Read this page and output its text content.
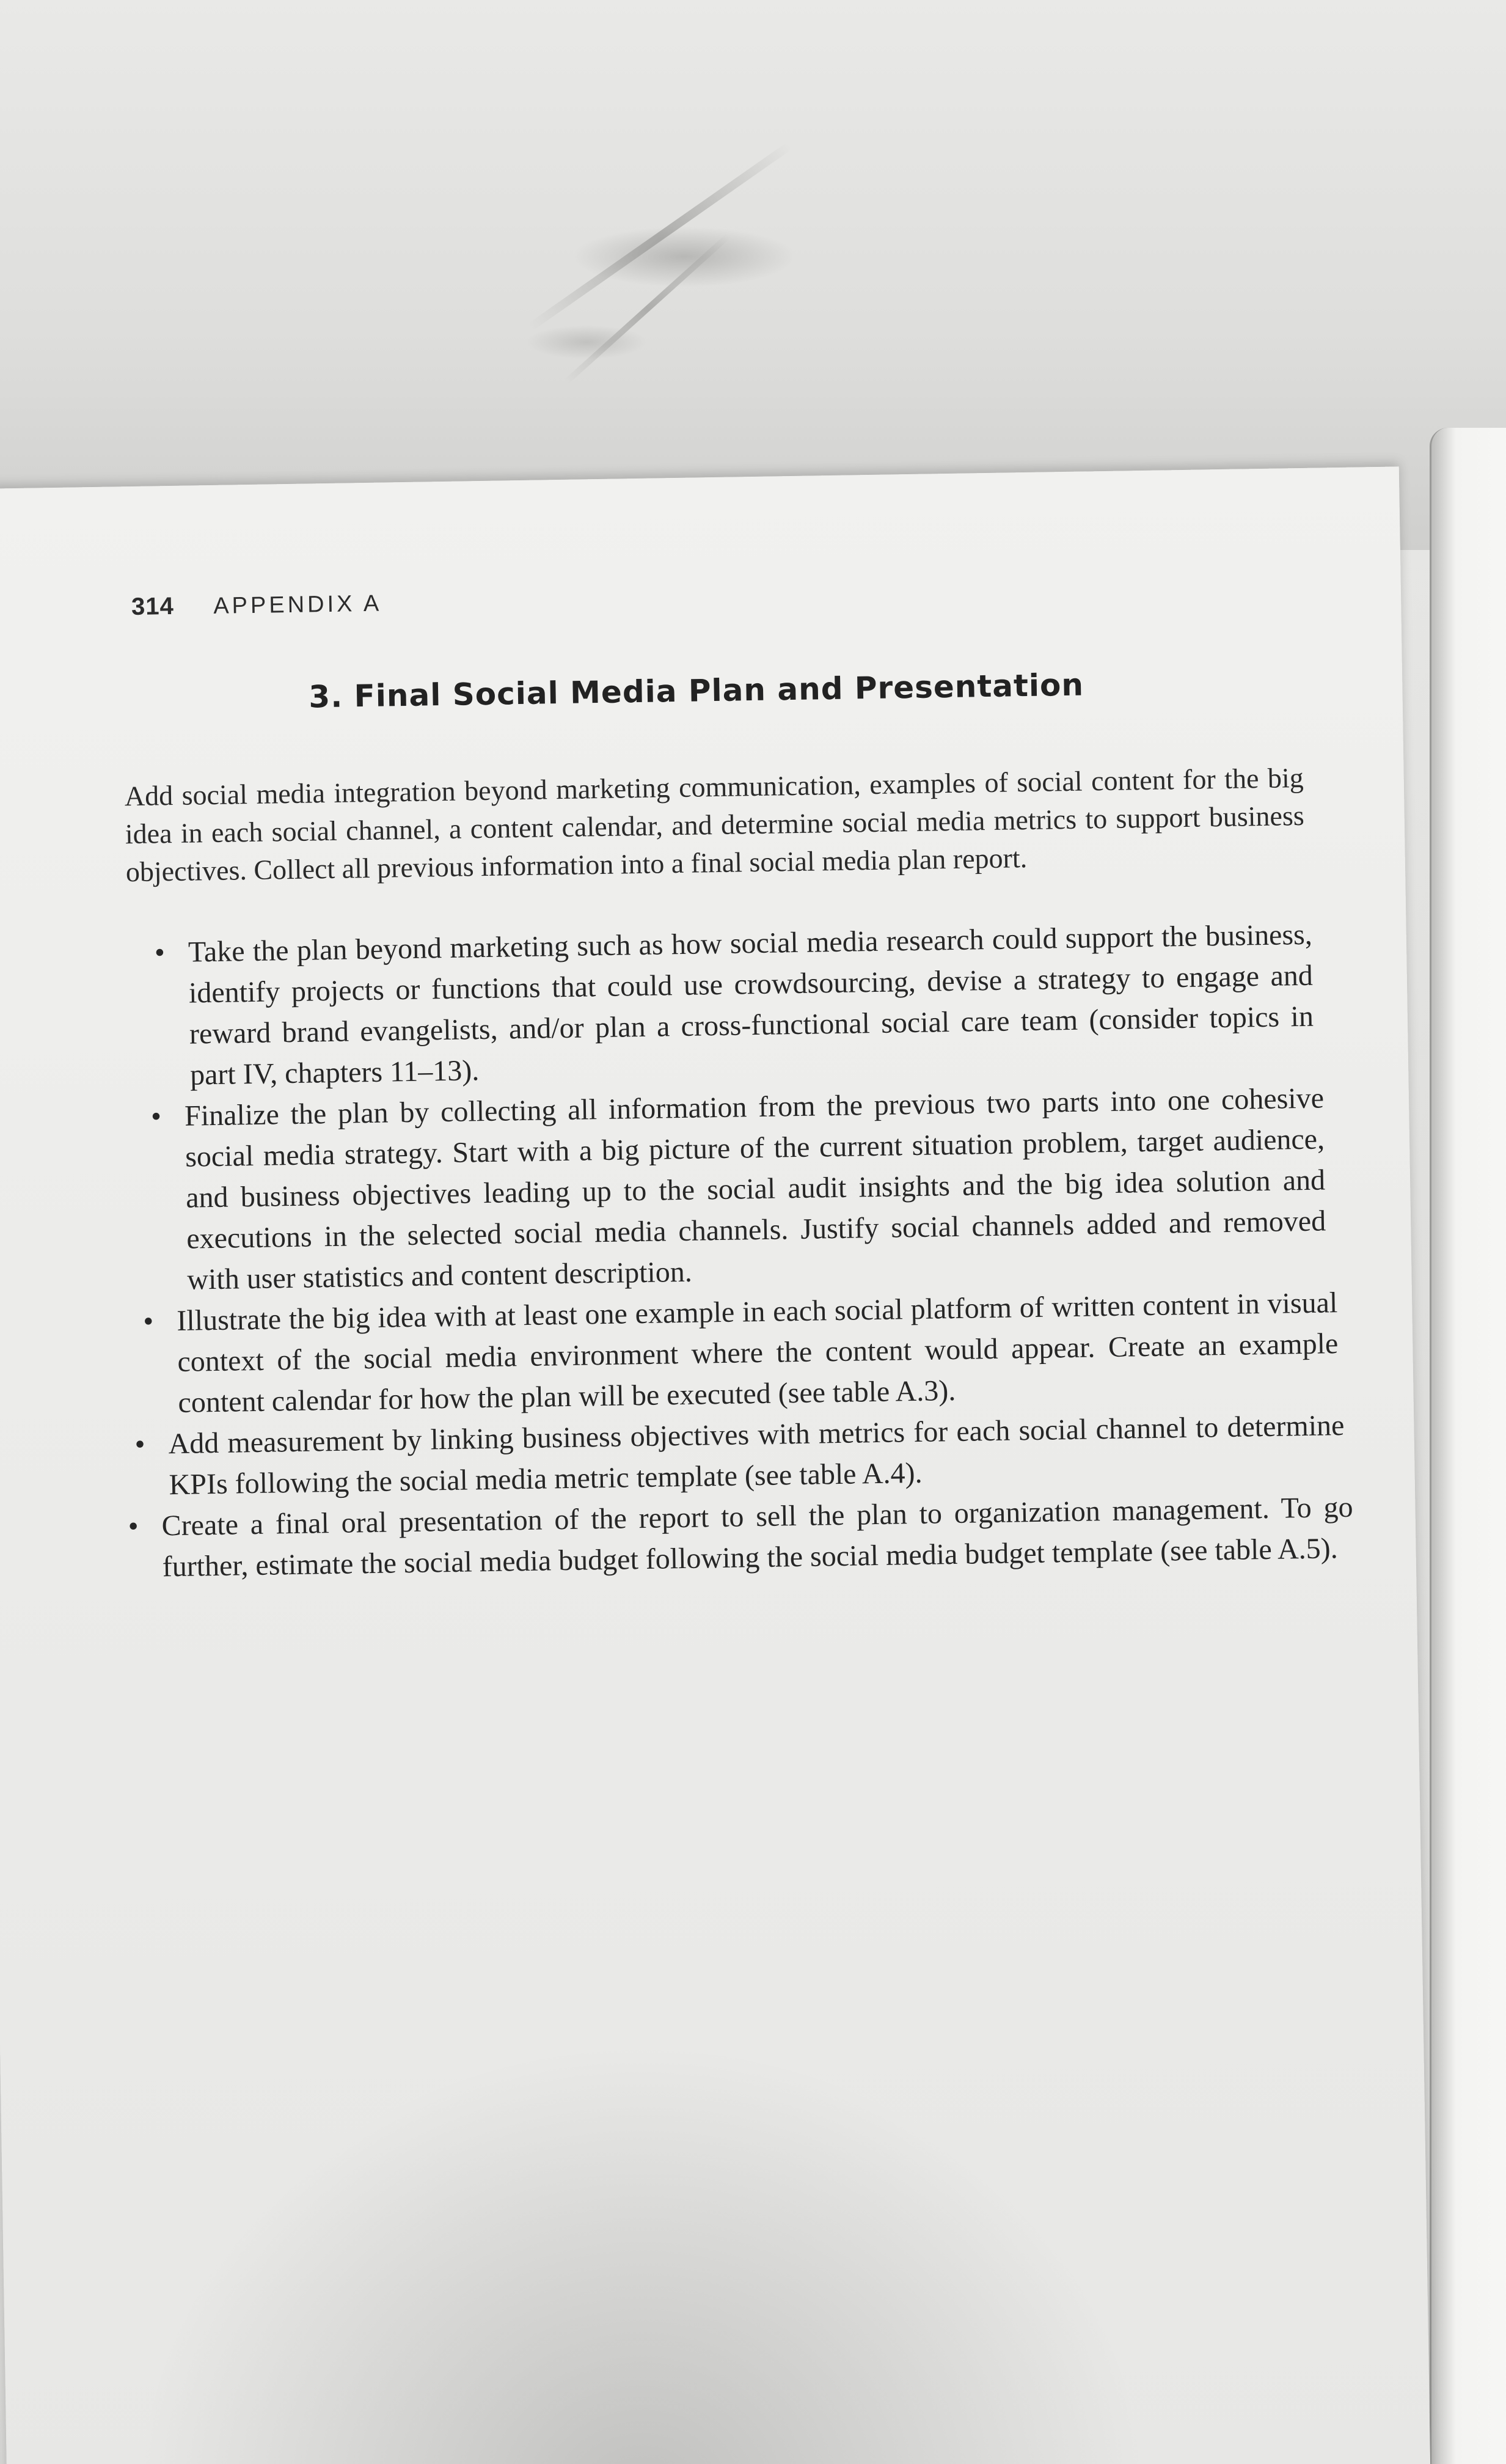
314 APPENDIX A
3. Final Social Media Plan and Presentation

Add social media integration beyond marketing communication, examples of social content for the big idea in each social channel, a content calendar, and determine social media metrics to support business objectives. Collect all previous information into a final social media plan report.

• Take the plan beyond marketing such as how social media research could support the business, identify projects or functions that could use crowdsourcing, devise a strategy to engage and reward brand evangelists, and/or plan a cross-functional social care team (consider topics in part IV, chapters 11–13).
• Finalize the plan by collecting all information from the previous two parts into one cohesive social media strategy. Start with a big picture of the current situation problem, target audience, and business objectives leading up to the social audit insights and the big idea solution and executions in the selected social media channels. Justify social channels added and removed with user statistics and content description.
• Illustrate the big idea with at least one example in each social platform of written content in visual context of the social media environment where the content would appear. Create an example content calendar for how the plan will be executed (see table A.3).
• Add measurement by linking business objectives with metrics for each social channel to determine KPIs following the social media metric template (see table A.4).
• Create a final oral presentation of the report to sell the plan to organization management. To go further, estimate the social media budget following the social media budget template (see table A.5).
